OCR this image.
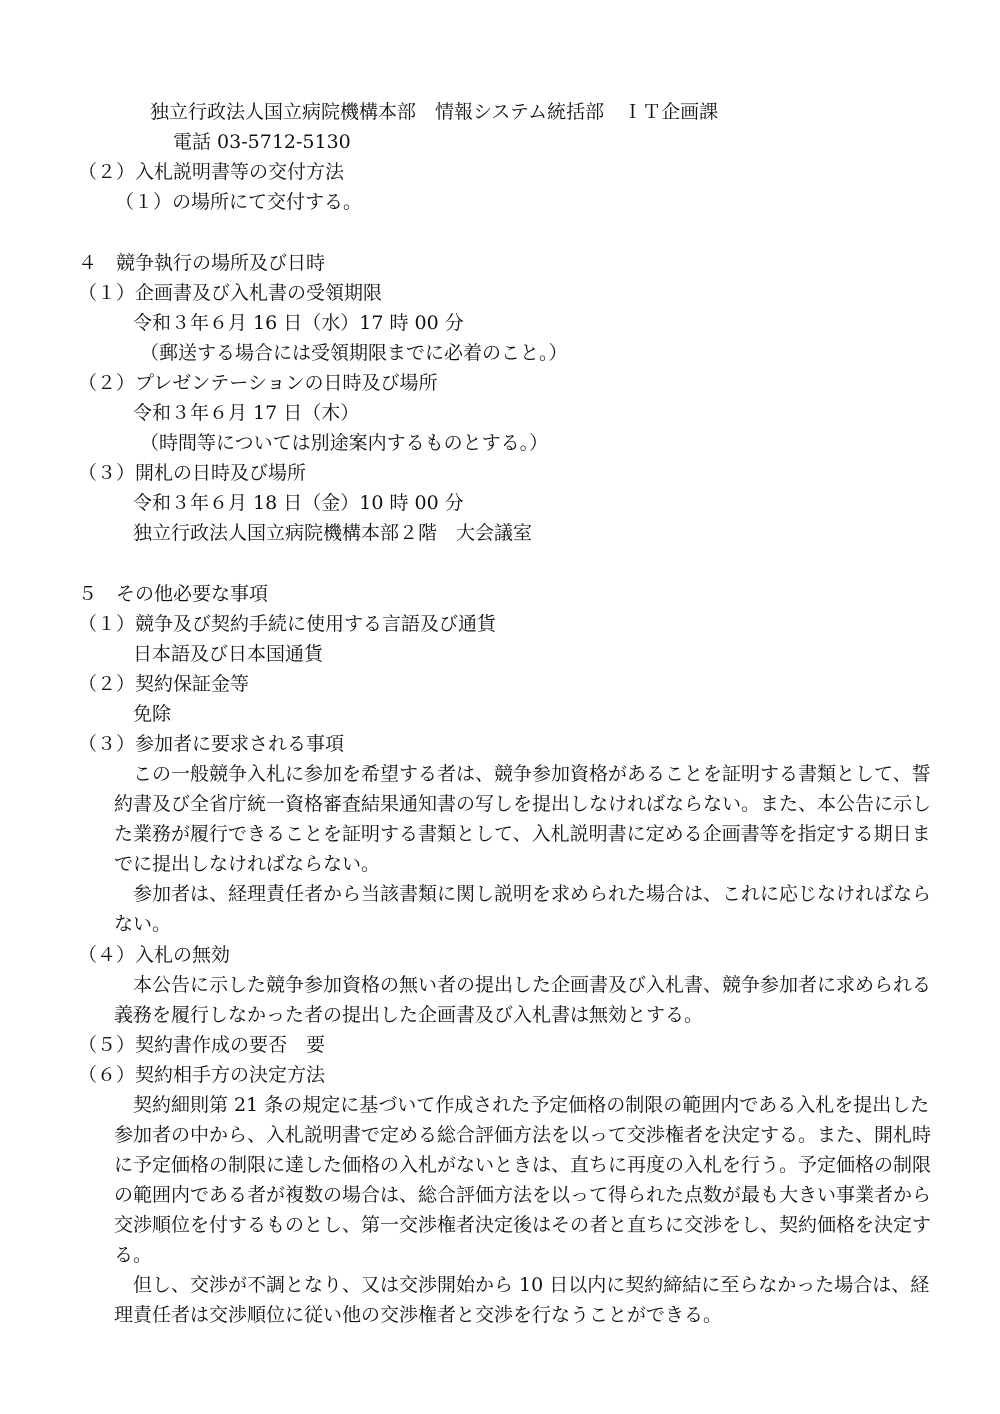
独立行政法人国立病院機構本部　情報システム統括部　ＩＴ企画課
電話 03-5712-5130
（２）入札説明書等の交付方法
（１）の場所にて交付する。
４　競争執行の場所及び日時
（１）企画書及び入札書の受領期限
令和３年６月 16 日（水）17 時 00 分
（郵送する場合には受領期限までに必着のこと。）
（２）プレゼンテーションの日時及び場所
令和３年６月 17 日（木）
（時間等については別途案内するものとする。）
（３）開札の日時及び場所
令和３年６月 18 日（金）10 時 00 分
独立行政法人国立病院機構本部２階　大会議室
５　その他必要な事項
（１）競争及び契約手続に使用する言語及び通貨
日本語及び日本国通貨
（２）契約保証金等
免除
（３）参加者に要求される事項

この一般競争入札に参加を希望する者は、競争参加資格があることを証明する書類として、誓約書及び全省庁統一資格審査結果通知書の写しを提出しなければならない。また、本公告に示した業務が履行できることを証明する書類として、入札説明書に定める企画書等を指定する期日までに提出しなければならない。

参加者は、経理責任者から当該書類に関し説明を求められた場合は、これに応じなければならない。

（４）入札の無効

本公告に示した競争参加資格の無い者の提出した企画書及び入札書、競争参加者に求められる義務を履行しなかった者の提出した企画書及び入札書は無効とする。

（５）契約書作成の要否　要
（６）契約相手方の決定方法

契約細則第 21 条の規定に基づいて作成された予定価格の制限の範囲内である入札を提出した参加者の中から、入札説明書で定める総合評価方法を以って交渉権者を決定する。また、開札時に予定価格の制限に達した価格の入札がないときは、直ちに再度の入札を行う。予定価格の制限の範囲内である者が複数の場合は、総合評価方法を以って得られた点数が最も大きい事業者から交渉順位を付するものとし、第一交渉権者決定後はその者と直ちに交渉をし、契約価格を決定する。

但し、交渉が不調となり、又は交渉開始から 10 日以内に契約締結に至らなかった場合は、経理責任者は交渉順位に従い他の交渉権者と交渉を行なうことができる。
